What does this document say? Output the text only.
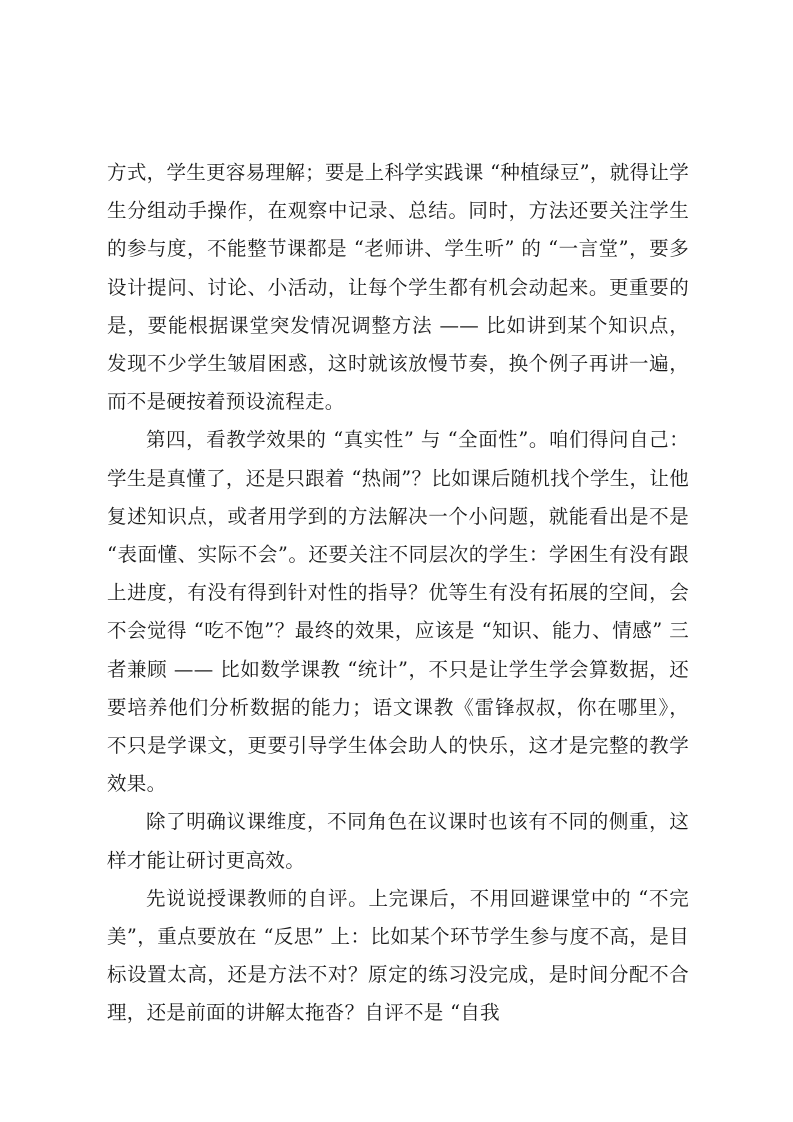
方式，学生更容易理解；要是上科学实践课 “种植绿豆”，就得让学生分组动手操作，在观察中记录、总结。同时，方法还要关注学生的参与度，不能整节课都是 “老师讲、学生听” 的 “一言堂”，要多设计提问、讨论、小活动，让每个学生都有机会动起来。更重要的是，要能根据课堂突发情况调整方法 —— 比如讲到某个知识点，发现不少学生皱眉困惑，这时就该放慢节奏，换个例子再讲一遍，而不是硬按着预设流程走。

第四，看教学效果的 “真实性” 与 “全面性”。咱们得问自己：学生是真懂了，还是只跟着 “热闹”？比如课后随机找个学生，让他复述知识点，或者用学到的方法解决一个小问题，就能看出是不是 “表面懂、实际不会”。还要关注不同层次的学生：学困生有没有跟上进度，有没有得到针对性的指导？优等生有没有拓展的空间，会不会觉得 “吃不饱”？最终的效果，应该是 “知识、能力、情感” 三者兼顾 —— 比如数学课教 “统计”，不只是让学生学会算数据，还要培养他们分析数据的能力；语文课教《雷锋叔叔，你在哪里》，不只是学课文，更要引导学生体会助人的快乐，这才是完整的教学效果。

除了明确议课维度，不同角色在议课时也该有不同的侧重，这样才能让研讨更高效。

先说说授课教师的自评。上完课后，不用回避课堂中的 “不完美”，重点要放在 “反思” 上：比如某个环节学生参与度不高，是目标设置太高，还是方法不对？原定的练习没完成，是时间分配不合理，还是前面的讲解太拖沓？自评不是 “自我
